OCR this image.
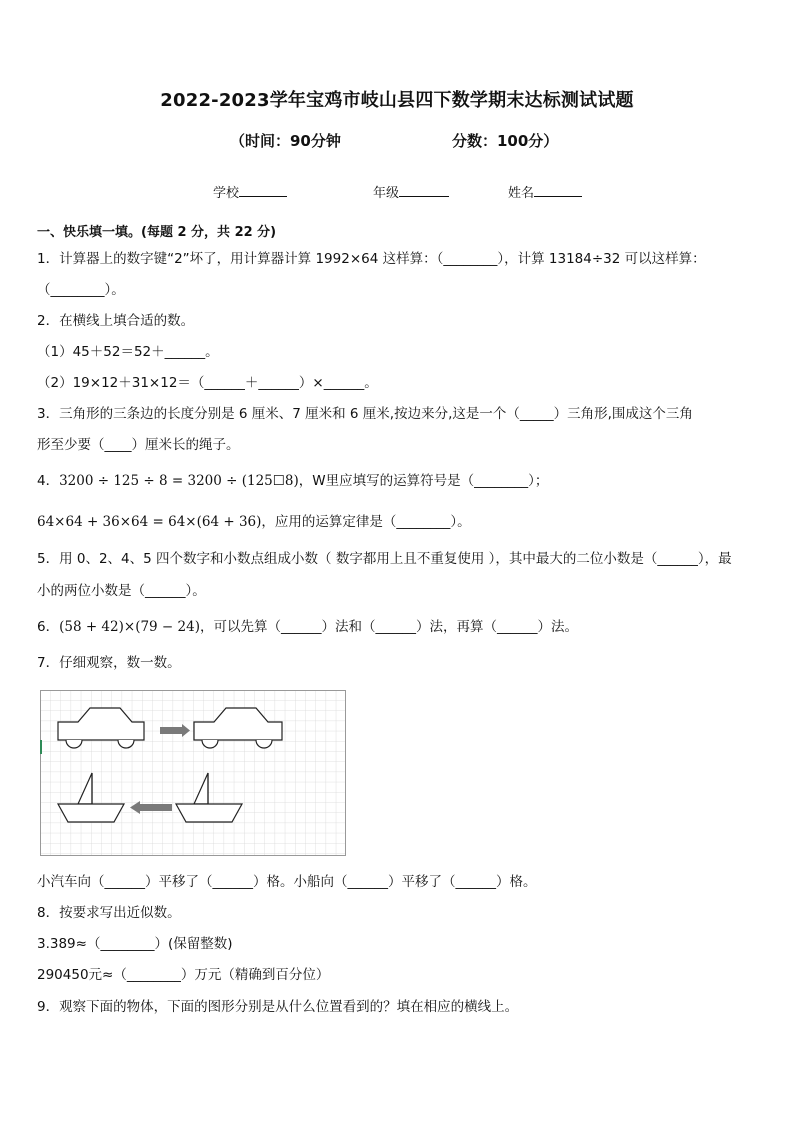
2022-2023学年宝鸡市岐山县四下数学期末达标测试试题
（时间：90分钟	分数：100分）
学校	年级	姓名
一、快乐填一填。(每题 2 分，共 22 分)
1．计算器上的数字键“2”坏了，用计算器计算 1992×64 这样算：（________），计算 13184÷32 可以这样算：
（________）。
2．在横线上填合适的数。
（1）45＋52＝52＋______。
（2）19×12＋31×12＝（______＋______）×______。
3．三角形的三条边的长度分别是 6 厘米、7 厘米和 6 厘米,按边来分,这是一个（_____）三角形,围成这个三角
形至少要（____）厘米长的绳子。
4．3200 ÷ 125 ÷ 8 = 3200 ÷ (125☐8)，W里应填写的运算符号是（________）；
64×64 + 36×64 = 64×(64 + 36)，应用的运算定律是（________）。
5．用 0、2、4、5 四个数字和小数点组成小数（ 数字都用上且不重复使用 ），其中最大的二位小数是（______），最
小的两位小数是（______）。
6．(58 + 42)×(79 − 24)，可以先算（______）法和（______）法，再算（______）法。
7．仔细观察，数一数。
小汽车向（______）平移了（______）格。小船向（______）平移了（______）格。
8．按要求写出近似数。
3.389≈（________）(保留整数)
290450元≈（________）万元（精确到百分位）
9．观察下面的物体，下面的图形分别是从什么位置看到的？填在相应的横线上。
